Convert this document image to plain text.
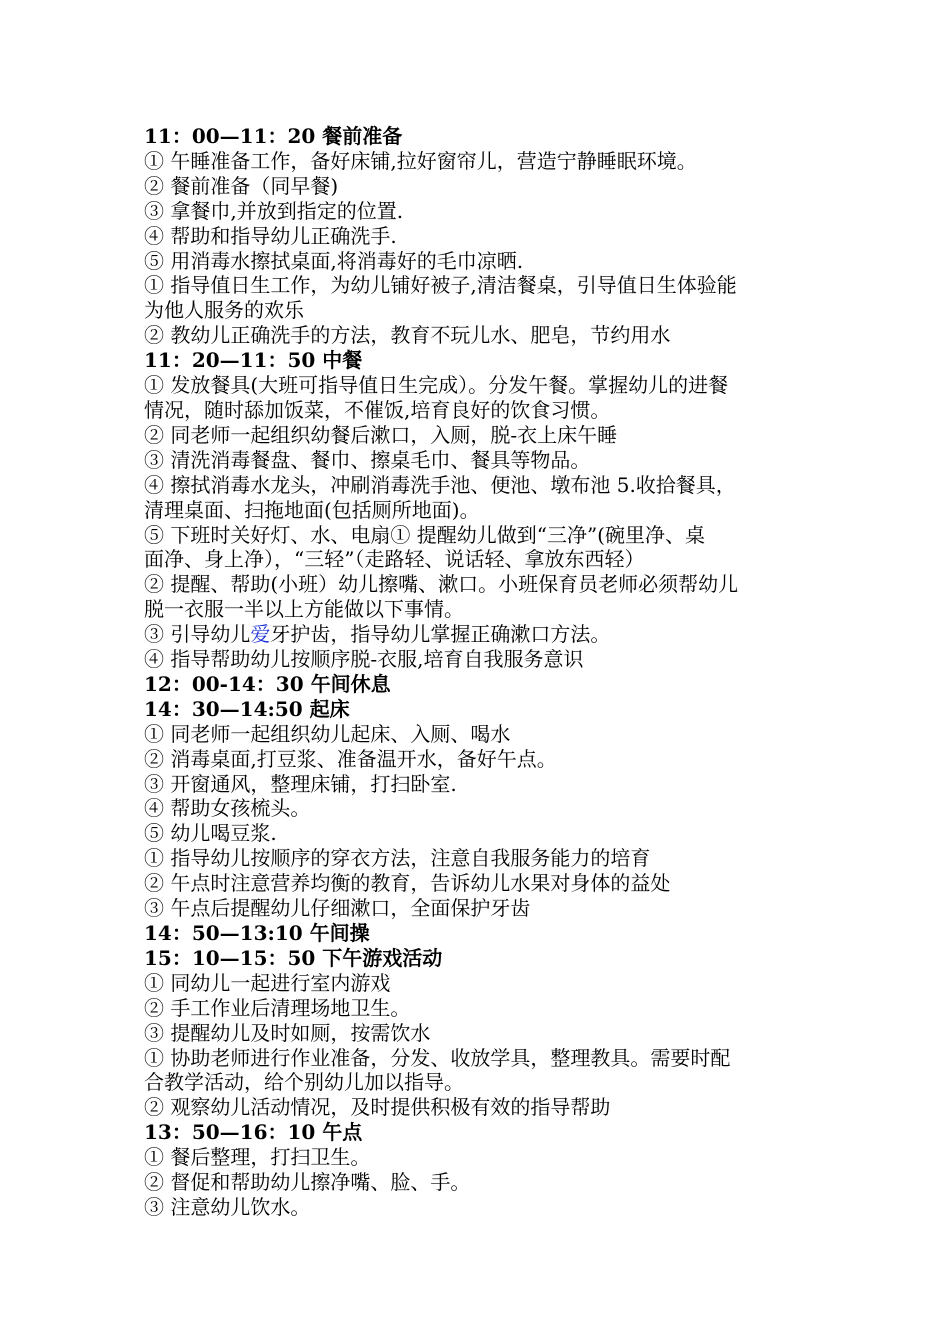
11：00—11：20 餐前准备
① 午睡准备工作，备好床铺,拉好窗帘儿，营造宁静睡眠环境。
② 餐前准备（同早餐)
③ 拿餐巾,并放到指定的位置.
④ 帮助和指导幼儿正确洗手.
⑤ 用消毒水擦拭桌面,将消毒好的毛巾凉晒.
① 指导值日生工作，为幼儿铺好被子,清洁餐桌，引导值日生体验能
为他人服务的欢乐
② 教幼儿正确洗手的方法，教育不玩儿水、肥皂，节约用水
11：20—11：50 中餐
① 发放餐具(大班可指导值日生完成）。分发午餐。掌握幼儿的进餐
情况，随时舔加饭菜，不催饭,培育良好的饮食习惯。
② 同老师一起组织幼餐后漱口，入厕，脱-衣上床午睡
③ 清洗消毒餐盘、餐巾、擦桌毛巾、餐具等物品。
④ 擦拭消毒水龙头，冲刷消毒洗手池、便池、墩布池 5.收拾餐具，
清理桌面、扫拖地面(包括厕所地面)。
⑤ 下班时关好灯、水、电扇① 提醒幼儿做到“三净”(碗里净、桌
面净、身上净），“三轻”（走路轻、说话轻、拿放东西轻）
② 提醒、帮助(小班）幼儿擦嘴、漱口。小班保育员老师必须帮幼儿
脱一衣服一半以上方能做以下事情。
③ 引导幼儿爱牙护齿，指导幼儿掌握正确漱口方法。
④ 指导帮助幼儿按顺序脱-衣服,培育自我服务意识
12：00-14：30 午间休息
14：30—14:50 起床
① 同老师一起组织幼儿起床、入厕、喝水
② 消毒桌面,打豆浆、准备温开水，备好午点。
③ 开窗通风，整理床铺，打扫卧室.
④ 帮助女孩梳头。
⑤ 幼儿喝豆浆.
① 指导幼儿按顺序的穿衣方法，注意自我服务能力的培育
② 午点时注意营养均衡的教育，告诉幼儿水果对身体的益处
③ 午点后提醒幼儿仔细漱口，全面保护牙齿
14：50—13:10 午间操
15：10—15：50 下午游戏活动
① 同幼儿一起进行室内游戏
② 手工作业后清理场地卫生。
③ 提醒幼儿及时如厕，按需饮水
① 协助老师进行作业准备，分发、收放学具，整理教具。需要时配
合教学活动，给个别幼儿加以指导。
② 观察幼儿活动情况，及时提供积极有效的指导帮助
13：50—16：10 午点
① 餐后整理，打扫卫生。
② 督促和帮助幼儿擦净嘴、脸、手。
③ 注意幼儿饮水。
